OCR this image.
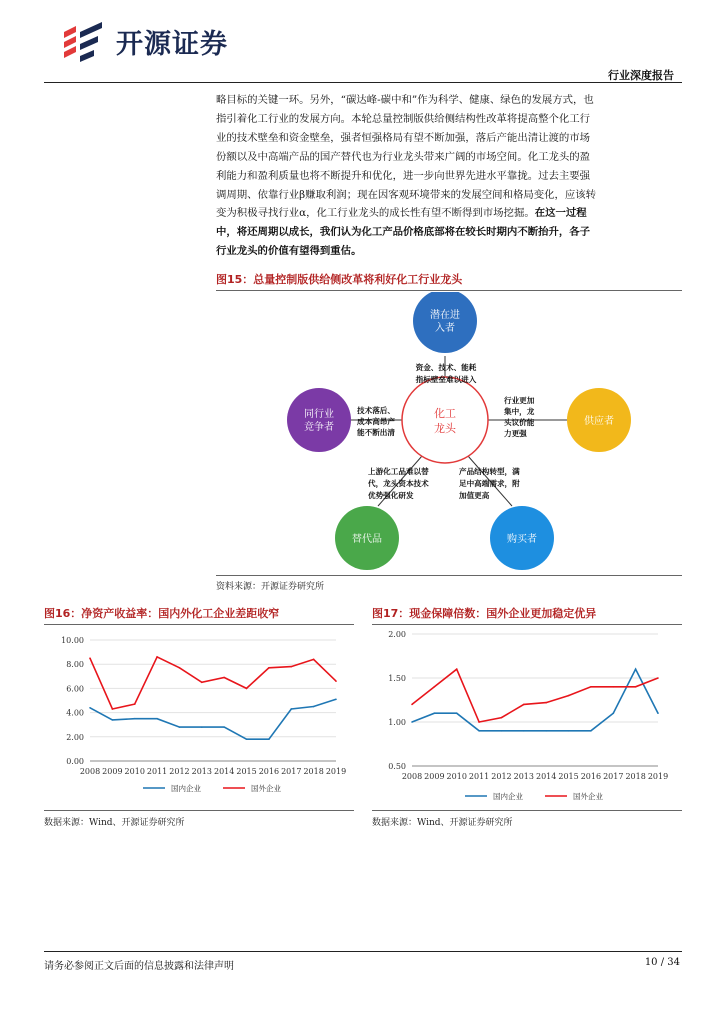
开源证券
行业深度报告
略目标的关键一环。另外，“碳达峰-碳中和”作为科学、健康、绿色的发展方式，也
指引着化工行业的发展方向。本轮总量控制版供给侧结构性改革将提高整个化工行
业的技术壁垒和资金壁垒，强者恒强格局有望不断加强，落后产能出清让渡的市场
份额以及中高端产品的国产替代也为行业龙头带来广阔的市场空间。化工龙头的盈
利能力和盈利质量也将不断提升和优化，进一步向世界先进水平靠拢。过去主要强
调周期、依靠行业β赚取利润；现在因客观环境带来的发展空间和格局变化，应该转
变为积极寻找行业α，化工行业龙头的成长性有望不断得到市场挖掘。在这一过程
中，将还周期以成长，我们认为化工产品价格底部将在较长时期内不断抬升，各子
行业龙头的价值有望得到重估。
图15：总量控制版供给侧改革将利好化工行业龙头
化工
龙头
潜在进
入者
同行业
竞争者
供应者
替代品	购买者
资金、技术、能耗
指标壁垒难以进入
技术落后、
成本高昂产
能不断出清
行业更加
集中，龙
头议价能
力更强
上游化工品难以替
代，龙头资本技术
优势强化研发
产品结构转型，满
足中高端需求，附
加值更高
资料来源：开源证券研究所
图16：净资产收益率：国内外化工企业差距收窄	图17：现金保障倍数：国外企业更加稳定优异
0.00
2.00
4.00
6.00
8.00
10.00
2008 2009 2010 2011 2012 2013 2014 2015 2016 2017 2018 2019
国内企业	国外企业
0.50
1.00
1.50
2.00
2008 2009 2010 2011 2012 2013 2014 2015 2016 2017 2018 2019
国内企业	国外企业
数据来源：Wind、开源证券研究所	数据来源：Wind、开源证券研究所
请务必参阅正文后面的信息披露和法律声明	10 / 34
